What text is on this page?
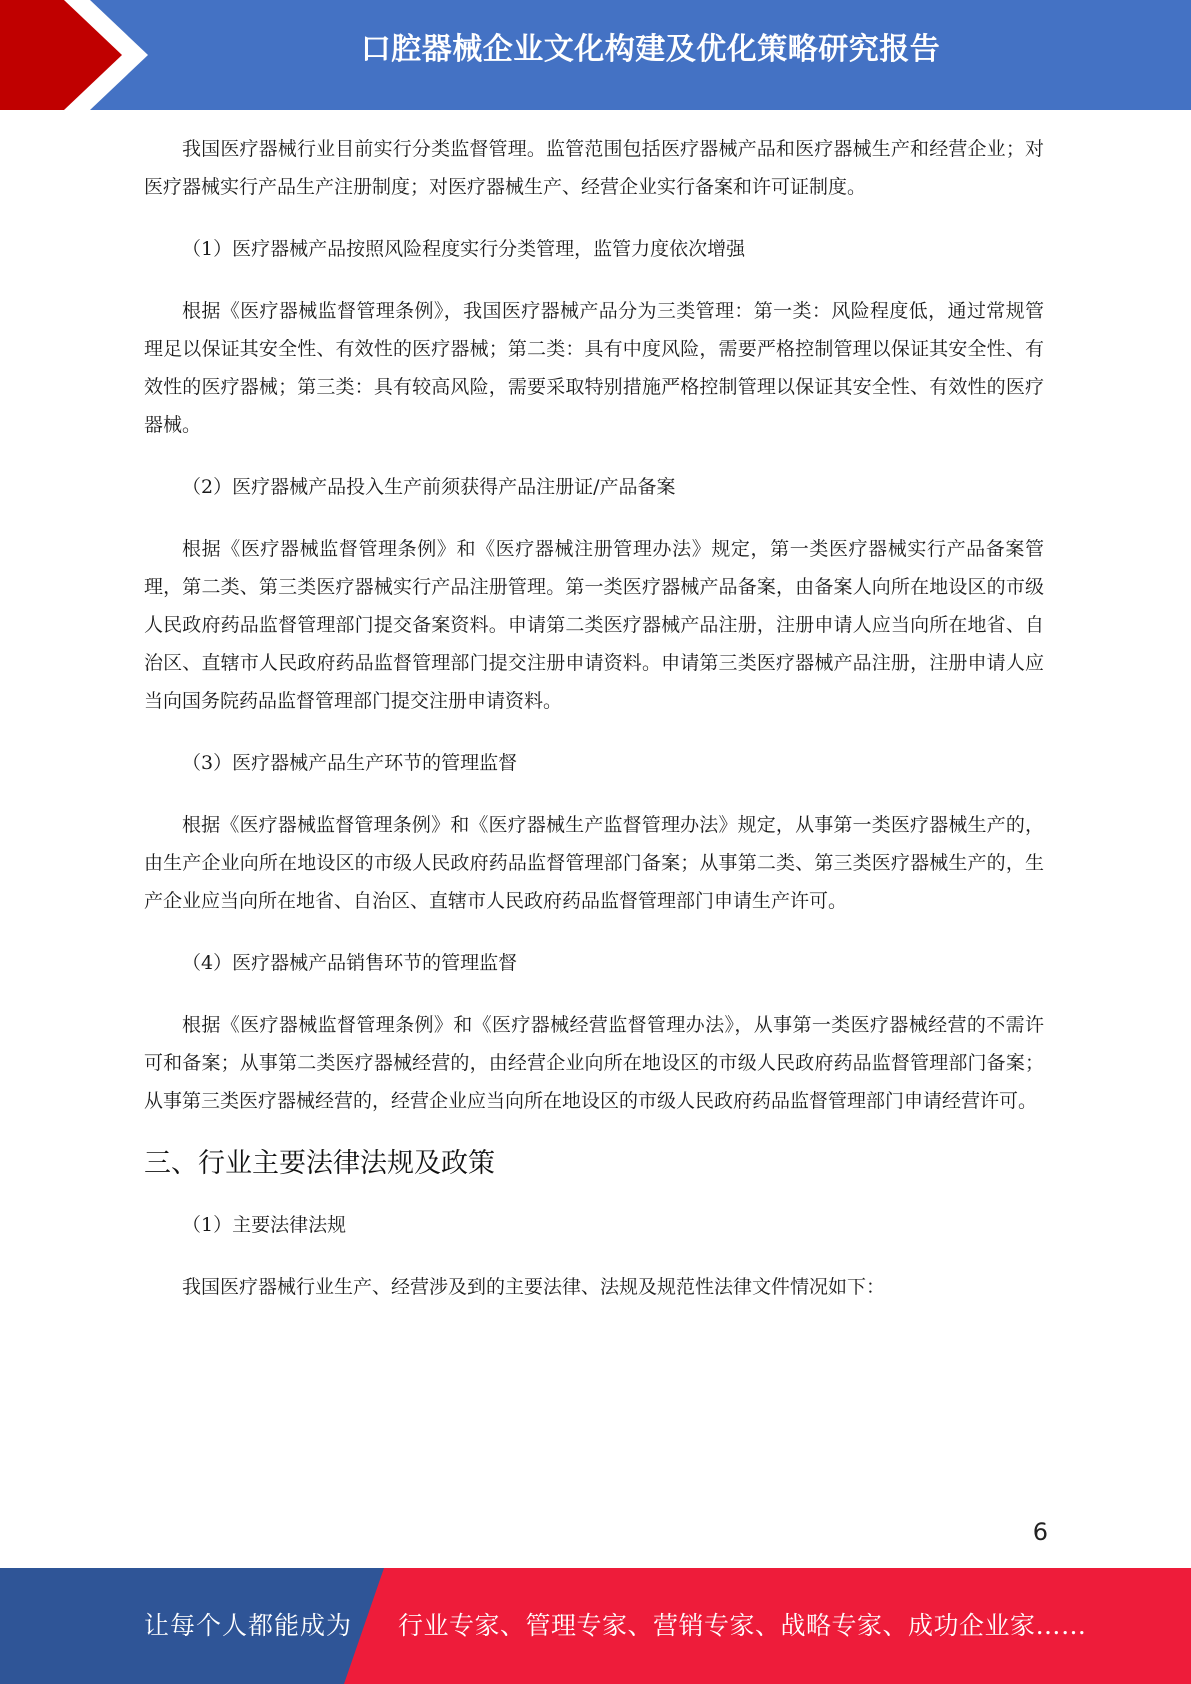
口腔器械企业文化构建及优化策略研究报告

我国医疗器械行业目前实行分类监督管理。监管范围包括医疗器械产品和医疗器械生产和经营企业；对医疗器械实行产品生产注册制度；对医疗器械生产、经营企业实行备案和许可证制度。

（1）医疗器械产品按照风险程度实行分类管理，监管力度依次增强

根据《医疗器械监督管理条例》，我国医疗器械产品分为三类管理：第一类：风险程度低，通过常规管理足以保证其安全性、有效性的医疗器械；第二类：具有中度风险，需要严格控制管理以保证其安全性、有效性的医疗器械；第三类：具有较高风险，需要采取特别措施严格控制管理以保证其安全性、有效性的医疗器械。

（2）医疗器械产品投入生产前须获得产品注册证/产品备案

根据《医疗器械监督管理条例》和《医疗器械注册管理办法》规定，第一类医疗器械实行产品备案管理，第二类、第三类医疗器械实行产品注册管理。第一类医疗器械产品备案，由备案人向所在地设区的市级人民政府药品监督管理部门提交备案资料。申请第二类医疗器械产品注册，注册申请人应当向所在地省、自治区、直辖市人民政府药品监督管理部门提交注册申请资料。申请第三类医疗器械产品注册，注册申请人应当向国务院药品监督管理部门提交注册申请资料。

（3）医疗器械产品生产环节的管理监督

根据《医疗器械监督管理条例》和《医疗器械生产监督管理办法》规定，从事第一类医疗器械生产的，由生产企业向所在地设区的市级人民政府药品监督管理部门备案；从事第二类、第三类医疗器械生产的，生产企业应当向所在地省、自治区、直辖市人民政府药品监督管理部门申请生产许可。

（4）医疗器械产品销售环节的管理监督

根据《医疗器械监督管理条例》和《医疗器械经营监督管理办法》，从事第一类医疗器械经营的不需许可和备案；从事第二类医疗器械经营的，由经营企业向所在地设区的市级人民政府药品监督管理部门备案；从事第三类医疗器械经营的，经营企业应当向所在地设区的市级人民政府药品监督管理部门申请经营许可。

三、行业主要法律法规及政策

（1）主要法律法规

我国医疗器械行业生产、经营涉及到的主要法律、法规及规范性法律文件情况如下：

6
让每个人都能成为 行业专家、管理专家、营销专家、战略专家、成功企业家……
